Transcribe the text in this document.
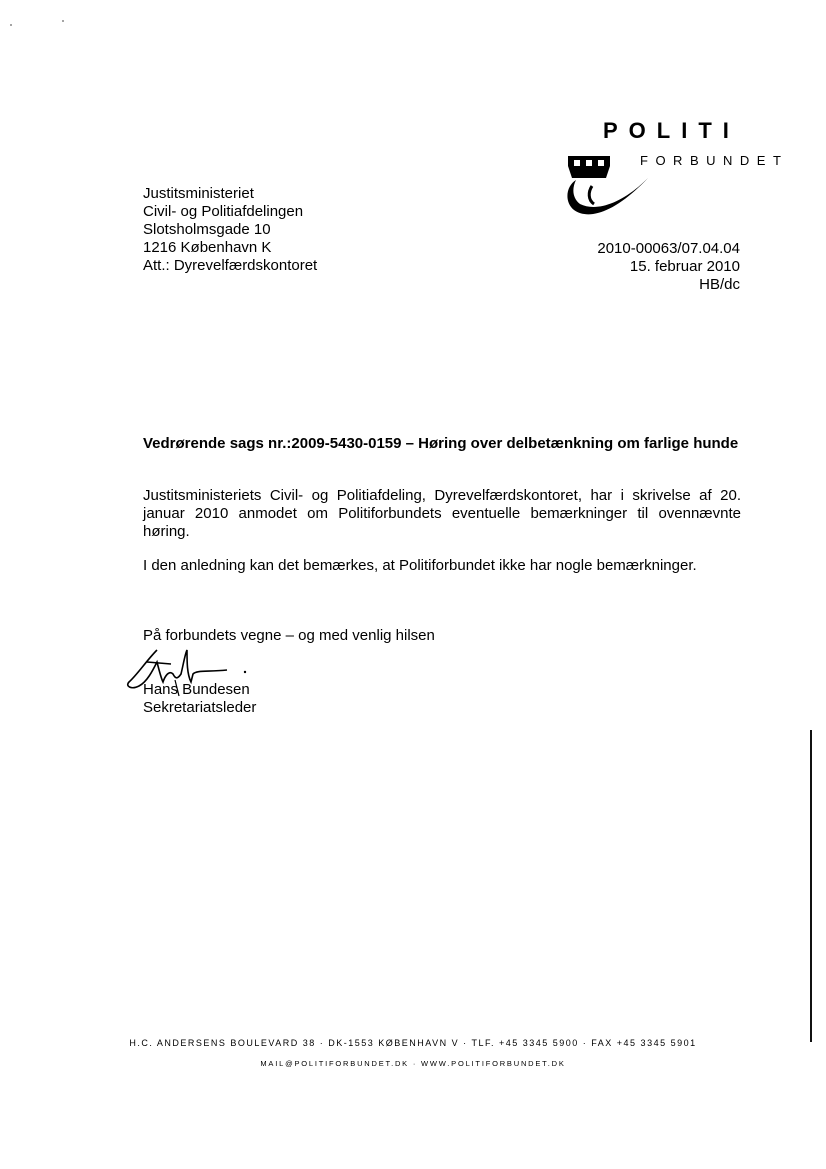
POLITI
FORBUNDET
Justitsministeriet
Civil- og Politiafdelingen
Slotsholmsgade 10
1216 København K
Att.: Dyrevelfærdskontoret
2010-00063/07.04.04
15. februar 2010
HB/dc
Vedrørende sags nr.:2009-5430-0159 – Høring over delbetænkning om farlige hunde
Justitsministeriets Civil- og Politiafdeling, Dyrevelfærdskontoret, har i skrivelse af 20. januar 2010 anmodet om Politiforbundets eventuelle bemærkninger til ovennævnte høring.
I den anledning kan det bemærkes, at Politiforbundet ikke har nogle bemærkninger.
På forbundets vegne – og med venlig hilsen
Hans Bundesen
Sekretariatsleder
H.C. ANDERSENS BOULEVARD 38 · DK-1553 KØBENHAVN V · TLF. +45 3345 5900 · FAX +45 3345 5901
MAIL@POLITIFORBUNDET.DK · WWW.POLITIFORBUNDET.DK
